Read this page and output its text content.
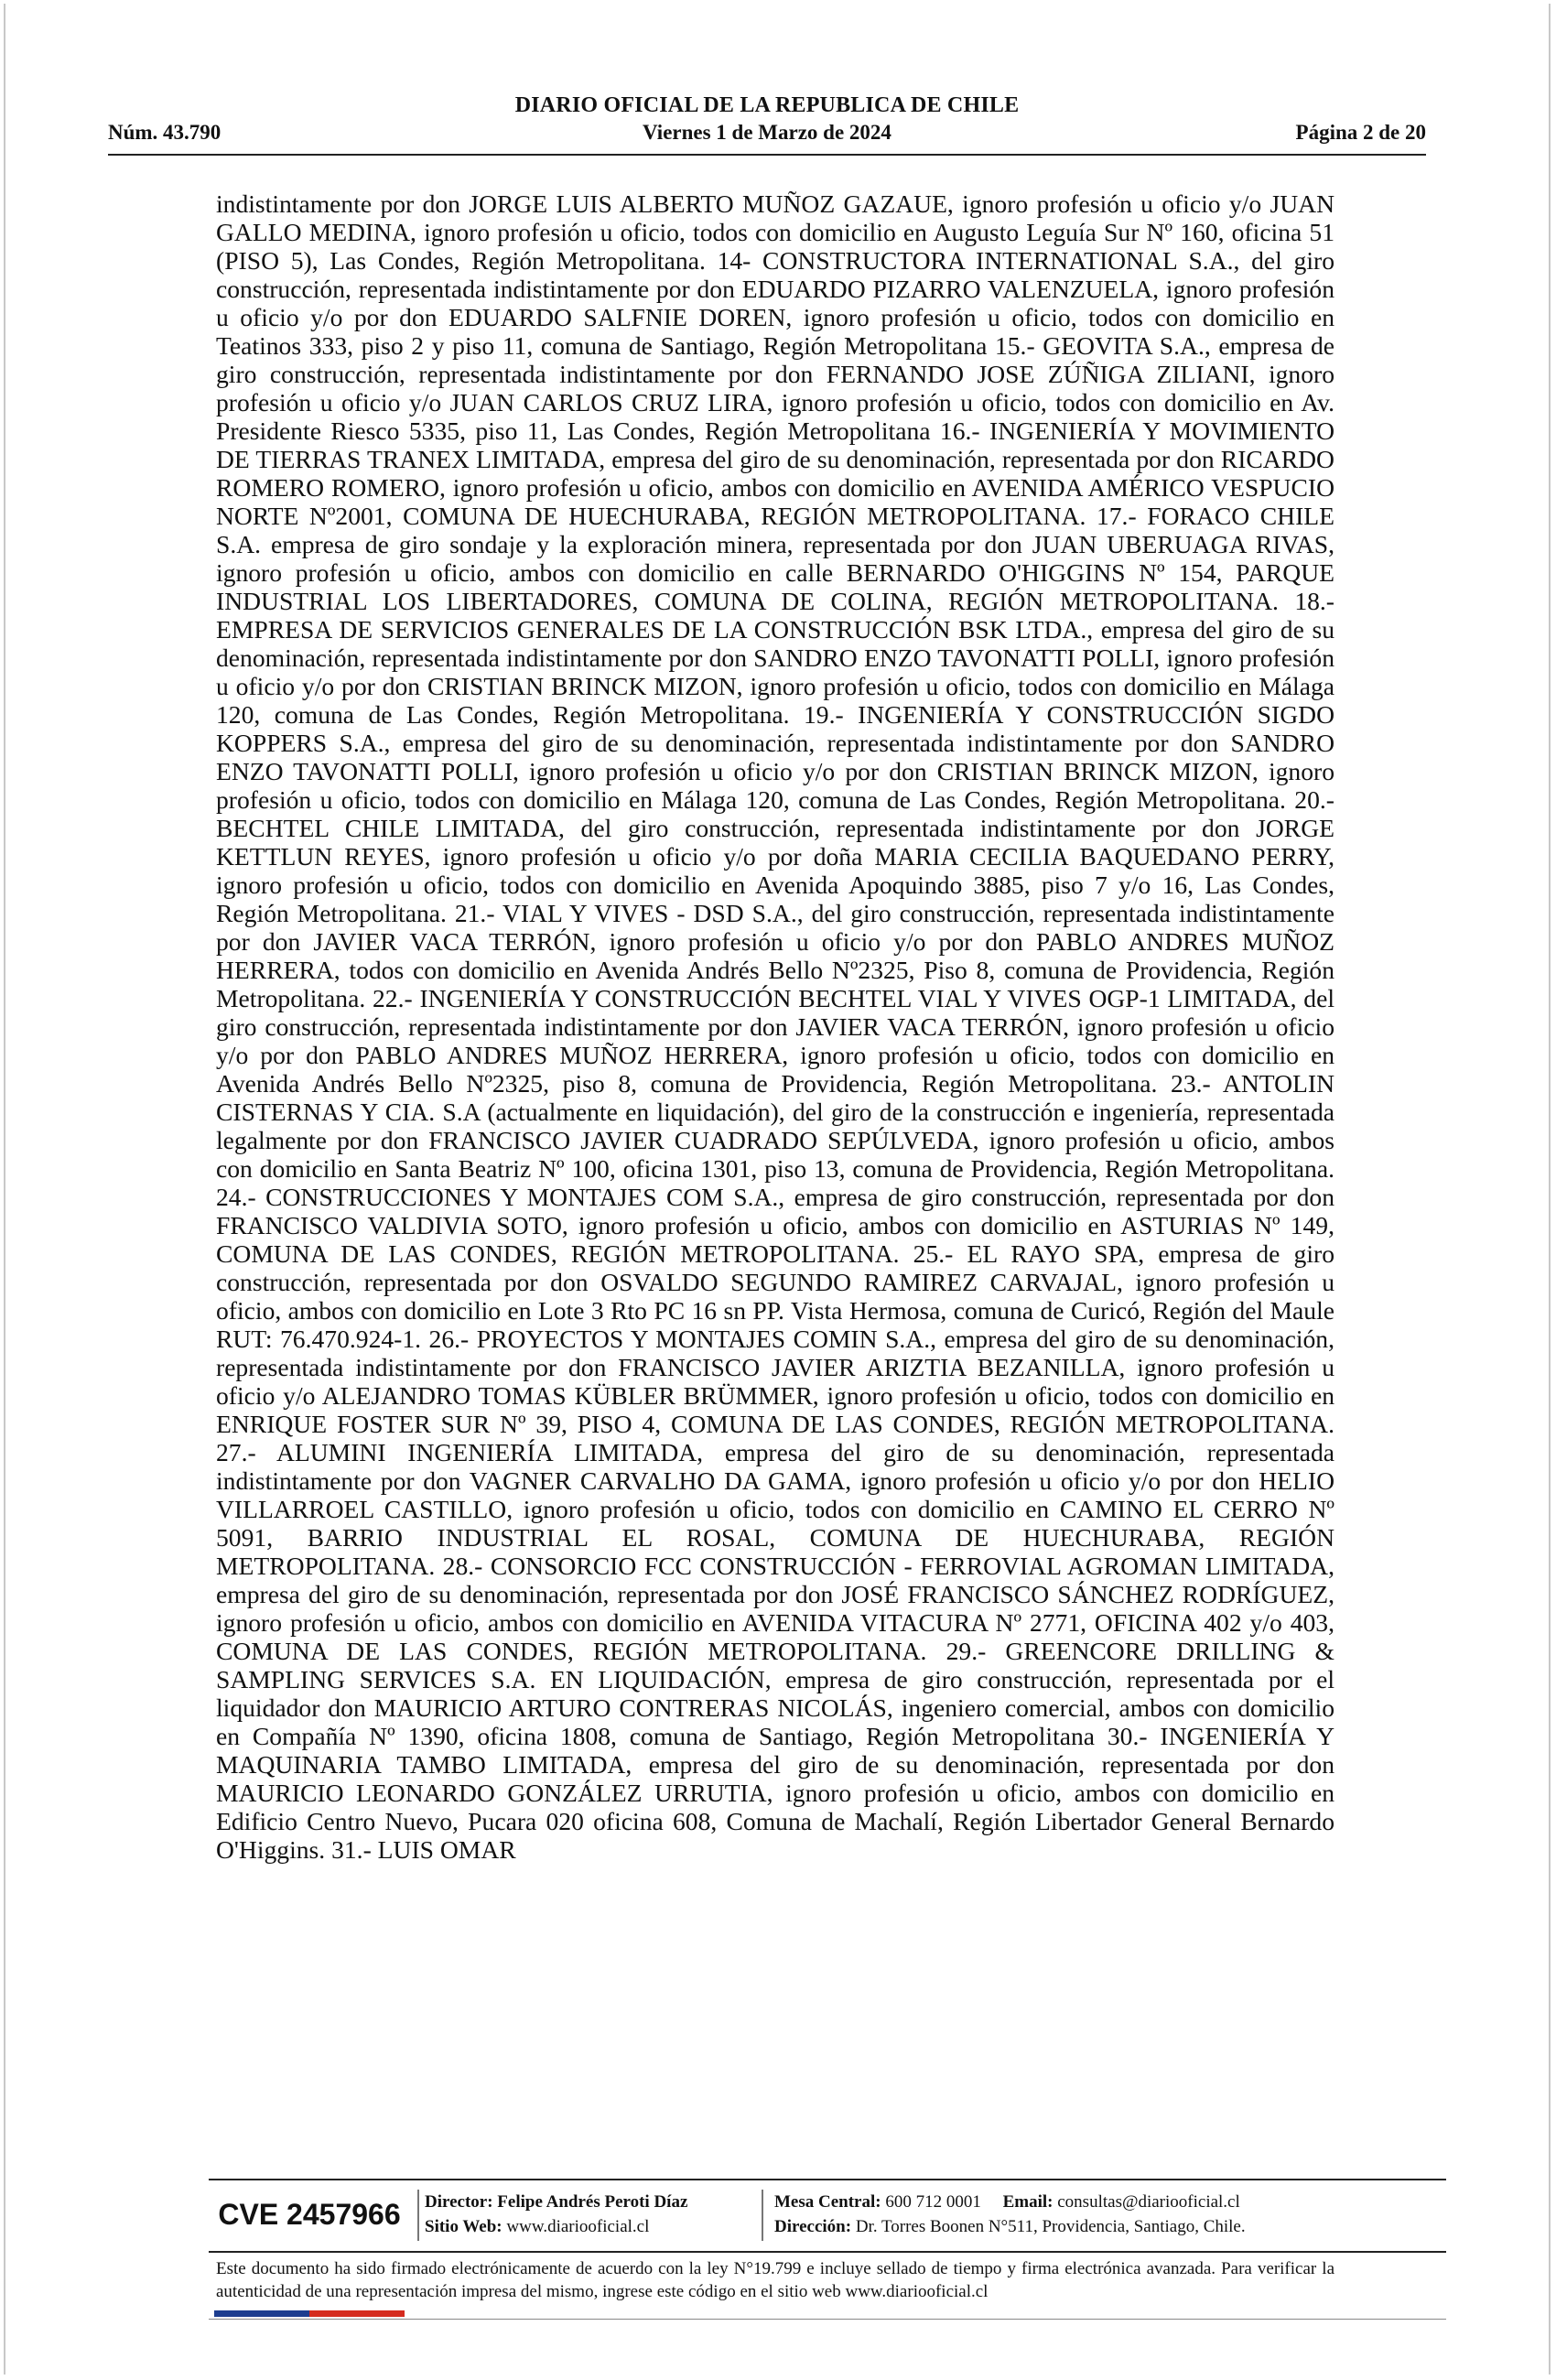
DIARIO OFICIAL DE LA REPUBLICA DE CHILE
Núm. 43.790	Viernes 1 de Marzo de 2024	Página 2 de 20
indistintamente por don JORGE LUIS ALBERTO MUÑOZ GAZAUE, ignoro profesión u oficio y/o JUAN GALLO MEDINA, ignoro profesión u oficio, todos con domicilio en Augusto Leguía Sur Nº 160, oficina 51 (PISO 5), Las Condes, Región Metropolitana. 14- CONSTRUCTORA INTERNATIONAL S.A., del giro construcción, representada indistintamente por don EDUARDO PIZARRO VALENZUELA, ignoro profesión u oficio y/o por don EDUARDO SALFNIE DOREN, ignoro profesión u oficio, todos con domicilio en Teatinos 333, piso 2 y piso 11, comuna de Santiago, Región Metropolitana 15.- GEOVITA S.A., empresa de giro construcción, representada indistintamente por don FERNANDO JOSE ZÚÑIGA ZILIANI, ignoro profesión u oficio y/o JUAN CARLOS CRUZ LIRA, ignoro profesión u oficio, todos con domicilio en Av. Presidente Riesco 5335, piso 11, Las Condes, Región Metropolitana 16.- INGENIERÍA Y MOVIMIENTO DE TIERRAS TRANEX LIMITADA, empresa del giro de su denominación, representada por don RICARDO ROMERO ROMERO, ignoro profesión u oficio, ambos con domicilio en AVENIDA AMÉRICO VESPUCIO NORTE Nº2001, COMUNA DE HUECHURABA, REGIÓN METROPOLITANA. 17.- FORACO CHILE S.A. empresa de giro sondaje y la exploración minera, representada por don JUAN UBERUAGA RIVAS, ignoro profesión u oficio, ambos con domicilio en calle BERNARDO O'HIGGINS Nº 154, PARQUE INDUSTRIAL LOS LIBERTADORES, COMUNA DE COLINA, REGIÓN METROPOLITANA. 18.- EMPRESA DE SERVICIOS GENERALES DE LA CONSTRUCCIÓN BSK LTDA., empresa del giro de su denominación, representada indistintamente por don SANDRO ENZO TAVONATTI POLLI, ignoro profesión u oficio y/o por don CRISTIAN BRINCK MIZON, ignoro profesión u oficio, todos con domicilio en Málaga 120, comuna de Las Condes, Región Metropolitana. 19.- INGENIERÍA Y CONSTRUCCIÓN SIGDO KOPPERS S.A., empresa del giro de su denominación, representada indistintamente por don SANDRO ENZO TAVONATTI POLLI, ignoro profesión u oficio y/o por don CRISTIAN BRINCK MIZON, ignoro profesión u oficio, todos con domicilio en Málaga 120, comuna de Las Condes, Región Metropolitana. 20.- BECHTEL CHILE LIMITADA, del giro construcción, representada indistintamente por don JORGE KETTLUN REYES, ignoro profesión u oficio y/o por doña MARIA CECILIA BAQUEDANO PERRY, ignoro profesión u oficio, todos con domicilio en Avenida Apoquindo 3885, piso 7 y/o 16, Las Condes, Región Metropolitana. 21.- VIAL Y VIVES - DSD S.A., del giro construcción, representada indistintamente por don JAVIER VACA TERRÓN, ignoro profesión u oficio y/o por don PABLO ANDRES MUÑOZ HERRERA, todos con domicilio en Avenida Andrés Bello Nº2325, Piso 8, comuna de Providencia, Región Metropolitana. 22.- INGENIERÍA Y CONSTRUCCIÓN BECHTEL VIAL Y VIVES OGP-1 LIMITADA, del giro construcción, representada indistintamente por don JAVIER VACA TERRÓN, ignoro profesión u oficio y/o por don PABLO ANDRES MUÑOZ HERRERA, ignoro profesión u oficio, todos con domicilio en Avenida Andrés Bello Nº2325, piso 8, comuna de Providencia, Región Metropolitana. 23.- ANTOLIN CISTERNAS Y CIA. S.A (actualmente en liquidación), del giro de la construcción e ingeniería, representada legalmente por don FRANCISCO JAVIER CUADRADO SEPÚLVEDA, ignoro profesión u oficio, ambos con domicilio en Santa Beatriz Nº 100, oficina 1301, piso 13, comuna de Providencia, Región Metropolitana. 24.- CONSTRUCCIONES Y MONTAJES COM S.A., empresa de giro construcción, representada por don FRANCISCO VALDIVIA SOTO, ignoro profesión u oficio, ambos con domicilio en ASTURIAS Nº 149, COMUNA DE LAS CONDES, REGIÓN METROPOLITANA. 25.- EL RAYO SPA, empresa de giro construcción, representada por don OSVALDO SEGUNDO RAMIREZ CARVAJAL, ignoro profesión u oficio, ambos con domicilio en Lote 3 Rto PC 16 sn PP. Vista Hermosa, comuna de Curicó, Región del Maule RUT: 76.470.924-1. 26.- PROYECTOS Y MONTAJES COMIN S.A., empresa del giro de su denominación, representada indistintamente por don FRANCISCO JAVIER ARIZTIA BEZANILLA, ignoro profesión u oficio y/o ALEJANDRO TOMAS KÜBLER BRÜMMER, ignoro profesión u oficio, todos con domicilio en ENRIQUE FOSTER SUR Nº 39, PISO 4, COMUNA DE LAS CONDES, REGIÓN METROPOLITANA. 27.- ALUMINI INGENIERÍA LIMITADA, empresa del giro de su denominación, representada indistintamente por don VAGNER CARVALHO DA GAMA, ignoro profesión u oficio y/o por don HELIO VILLARROEL CASTILLO, ignoro profesión u oficio, todos con domicilio en CAMINO EL CERRO Nº 5091, BARRIO INDUSTRIAL EL ROSAL, COMUNA DE HUECHURABA, REGIÓN METROPOLITANA. 28.- CONSORCIO FCC CONSTRUCCIÓN - FERROVIAL AGROMAN LIMITADA, empresa del giro de su denominación, representada por don JOSÉ FRANCISCO SÁNCHEZ RODRÍGUEZ, ignoro profesión u oficio, ambos con domicilio en AVENIDA VITACURA Nº 2771, OFICINA 402 y/o 403, COMUNA DE LAS CONDES, REGIÓN METROPOLITANA. 29.- GREENCORE DRILLING & SAMPLING SERVICES S.A. EN LIQUIDACIÓN, empresa de giro construcción, representada por el liquidador don MAURICIO ARTURO CONTRERAS NICOLÁS, ingeniero comercial, ambos con domicilio en Compañía Nº 1390, oficina 1808, comuna de Santiago, Región Metropolitana 30.- INGENIERÍA Y MAQUINARIA TAMBO LIMITADA, empresa del giro de su denominación, representada por don MAURICIO LEONARDO GONZÁLEZ URRUTIA, ignoro profesión u oficio, ambos con domicilio en Edificio Centro Nuevo, Pucara 020 oficina 608, Comuna de Machalí, Región Libertador General Bernardo O'Higgins. 31.- LUIS OMAR
CVE 2457966	Director: Felipe Andrés Peroti Díaz
Sitio Web: www.diariooficial.cl
Mesa Central: 600 712 0001 Email: consultas@diariooficial.cl
Dirección: Dr. Torres Boonen N°511, Providencia, Santiago, Chile.
Este documento ha sido firmado electrónicamente de acuerdo con la ley N°19.799 e incluye sellado de tiempo y firma electrónica avanzada. Para verificar la autenticidad de una representación impresa del mismo, ingrese este código en el sitio web www.diariooficial.cl
